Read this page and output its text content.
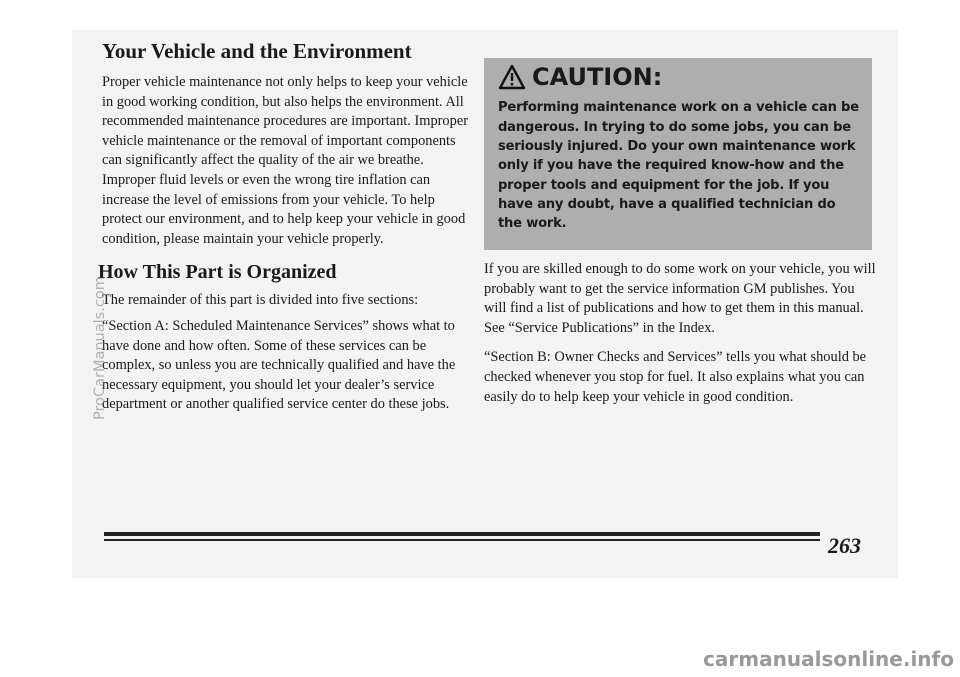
Your Vehicle and the Environment

Proper vehicle maintenance not only helps to keep your vehicle in good working condition, but also helps the environment. All recommended maintenance procedures are important. Improper vehicle maintenance or the removal of important components can significantly affect the quality of the air we breathe. Improper fluid levels or even the wrong tire inflation can increase the level of emissions from your vehicle. To help protect our environment, and to help keep your vehicle in good condition, please maintain your vehicle properly.

How This Part is Organized

The remainder of this part is divided into five sections:

“Section A: Scheduled Maintenance Services” shows what to have done and how often. Some of these services can be complex, so unless you are technically qualified and have the necessary equipment, you should let your dealer’s service department or another qualified service center do these jobs.

CAUTION:

Performing maintenance work on a vehicle can be dangerous. In trying to do some jobs, you can be seriously injured. Do your own maintenance work only if you have the required know-how and the proper tools and equipment for the job. If you have any doubt, have a qualified technician do the work.

If you are skilled enough to do some work on your vehicle, you will probably want to get the service information GM publishes. You will find a list of publications and how to get them in this manual. See “Service Publications” in the Index.

“Section B: Owner Checks and Services” tells you what should be checked whenever you stop for fuel. It also explains what you can easily do to help keep your vehicle in good condition.

263
ProCarManuals.com
carmanualsonline.info
